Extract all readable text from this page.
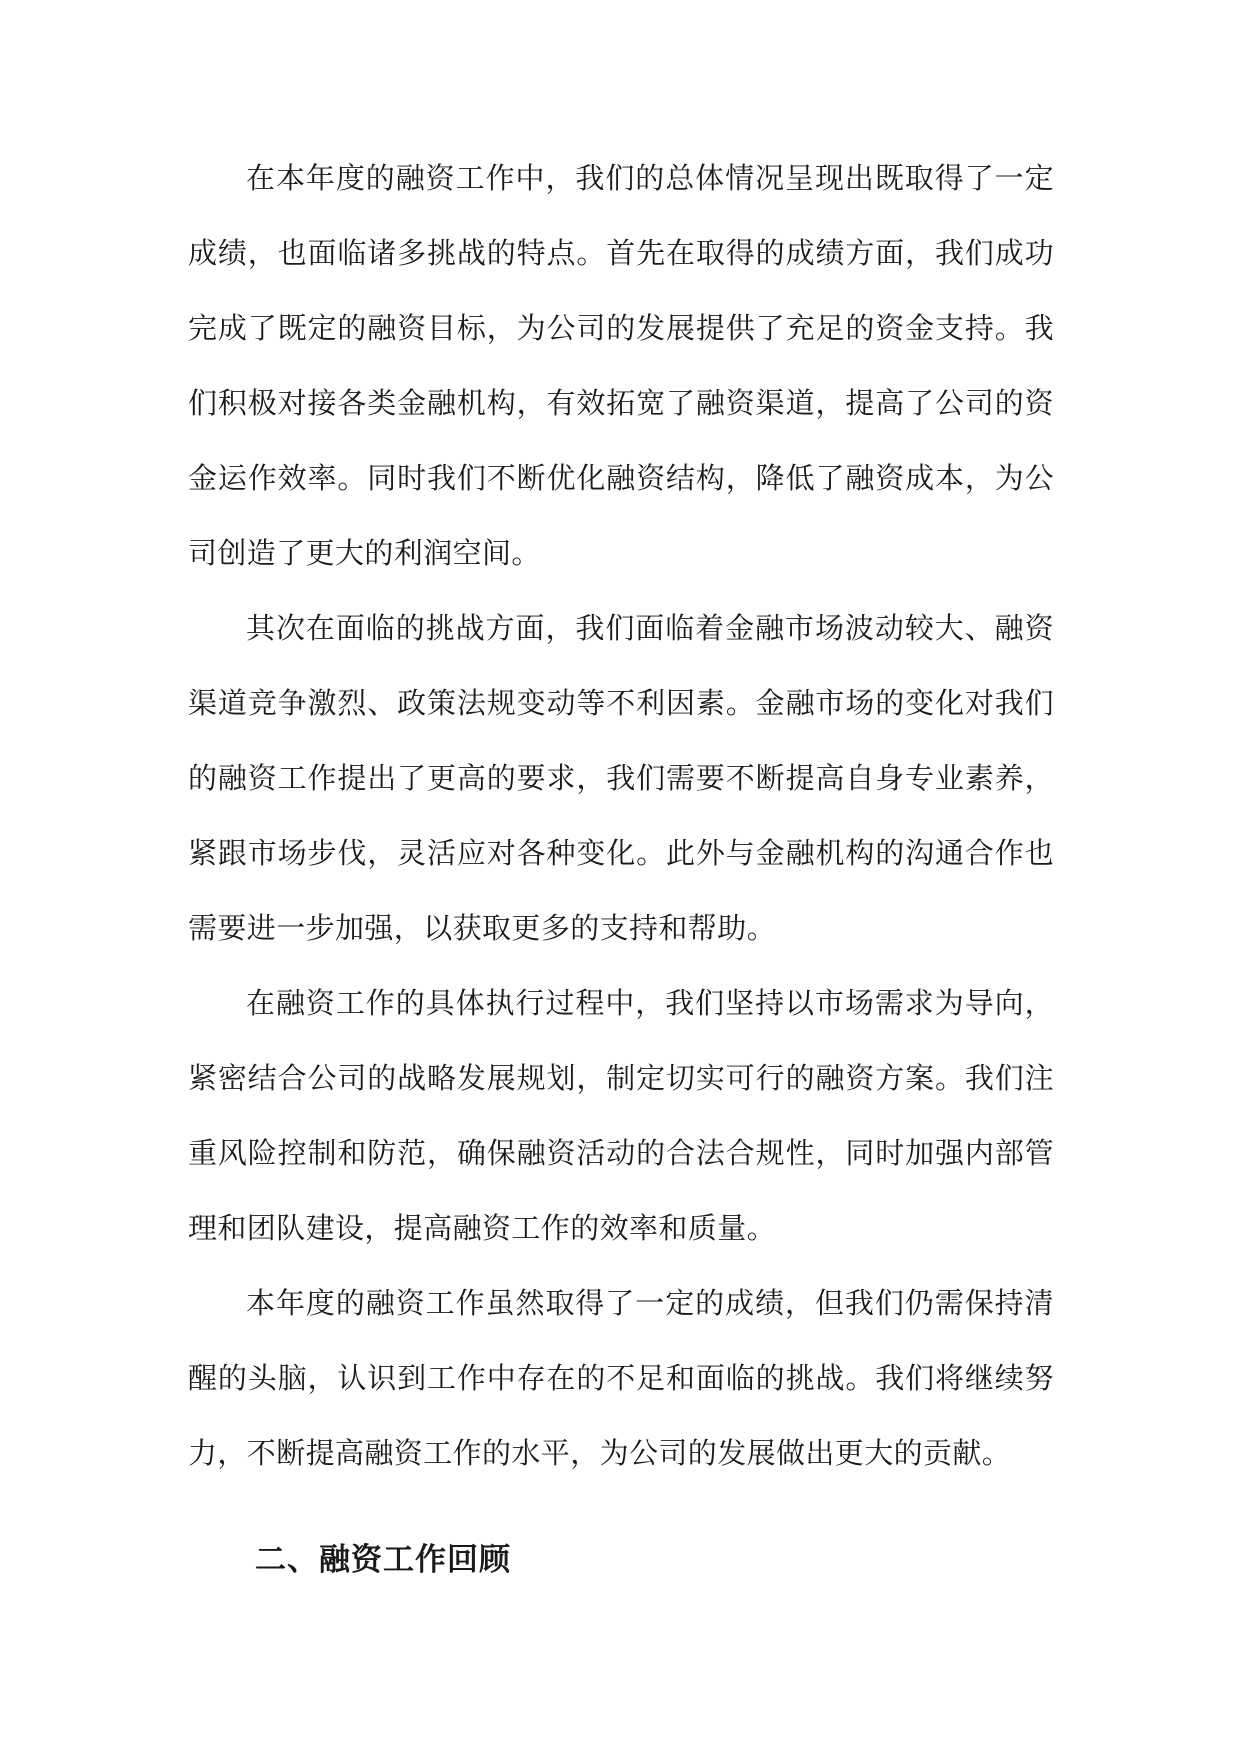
在本年度的融资工作中，我们的总体情况呈现出既取得了一定成绩，也面临诸多挑战的特点。首先在取得的成绩方面，我们成功完成了既定的融资目标，为公司的发展提供了充足的资金支持。我们积极对接各类金融机构，有效拓宽了融资渠道，提高了公司的资金运作效率。同时我们不断优化融资结构，降低了融资成本，为公司创造了更大的利润空间。

其次在面临的挑战方面，我们面临着金融市场波动较大、融资渠道竞争激烈、政策法规变动等不利因素。金融市场的变化对我们的融资工作提出了更高的要求，我们需要不断提高自身专业素养，紧跟市场步伐，灵活应对各种变化。此外与金融机构的沟通合作也需要进一步加强，以获取更多的支持和帮助。

在融资工作的具体执行过程中，我们坚持以市场需求为导向，紧密结合公司的战略发展规划，制定切实可行的融资方案。我们注重风险控制和防范，确保融资活动的合法合规性，同时加强内部管理和团队建设，提高融资工作的效率和质量。

本年度的融资工作虽然取得了一定的成绩，但我们仍需保持清醒的头脑，认识到工作中存在的不足和面临的挑战。我们将继续努力，不断提高融资工作的水平，为公司的发展做出更大的贡献。

二、融资工作回顾
